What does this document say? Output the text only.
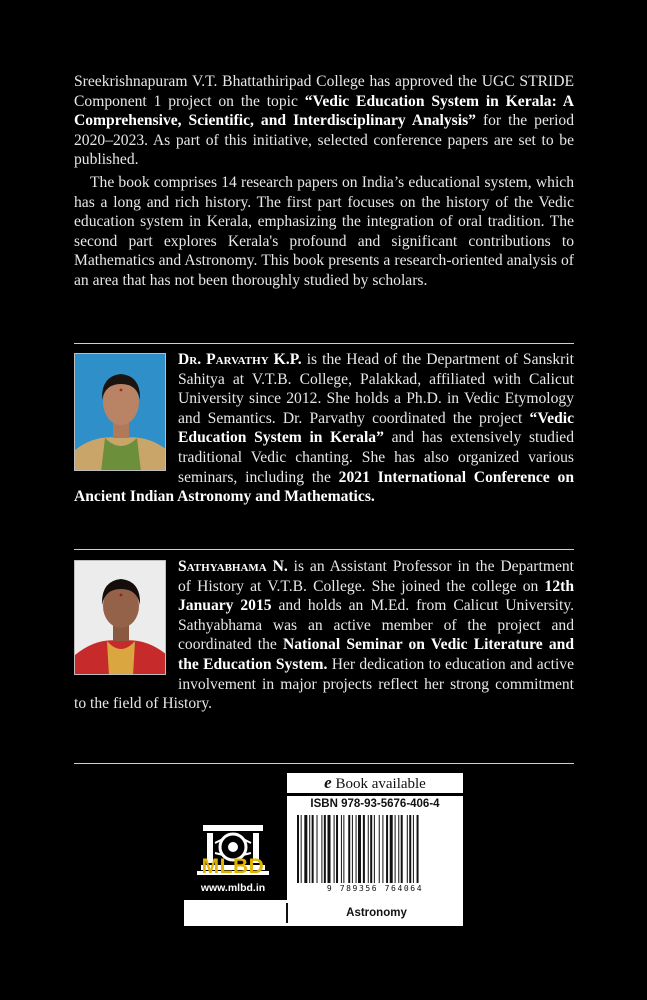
Sreekrishnapuram V.T. Bhattathiripad College has approved the UGC STRIDE Component 1 project on the topic “Vedic Education System in Kerala: A Comprehensive, Scientific, and Interdisciplinary Analysis” for the period 2020–2023. As part of this initiative, selected conference papers are set to be published.

The book comprises 14 research papers on India’s educational system, which has a long and rich history. The first part focuses on the history of the Vedic education system in Kerala, emphasizing the integration of oral tradition. The second part explores Kerala's profound and significant contributions to Mathematics and Astronomy. This book presents a research-oriented analysis of an area that has not been thoroughly studied by scholars.

Dr. Parvathy K.P. is the Head of the Department of Sanskrit Sahitya at V.T.B. College, Palakkad, affiliated with Calicut University since 2012. She holds a Ph.D. in Vedic Etymology and Semantics. Dr. Parvathy coordinated the project “Vedic Education System in Kerala” and has extensively studied traditional Vedic chanting. She has also organized various seminars, including the 2021 International Conference on Ancient Indian Astronomy and Mathematics.

Sathyabhama N. is an Assistant Professor in the Department of History at V.T.B. College. She joined the college on 12th January 2015 and holds an M.Ed. from Calicut University. Sathyabhama was an active member of the project and coordinated the National Seminar on Vedic Literature and the Education System. Her dedication to education and active involvement in major projects reflect her strong commitment to the field of History.

MLBD
www.mlbd.in
e Book available
ISBN 978-93-5676-406-4
9 789356 764064
Astronomy
